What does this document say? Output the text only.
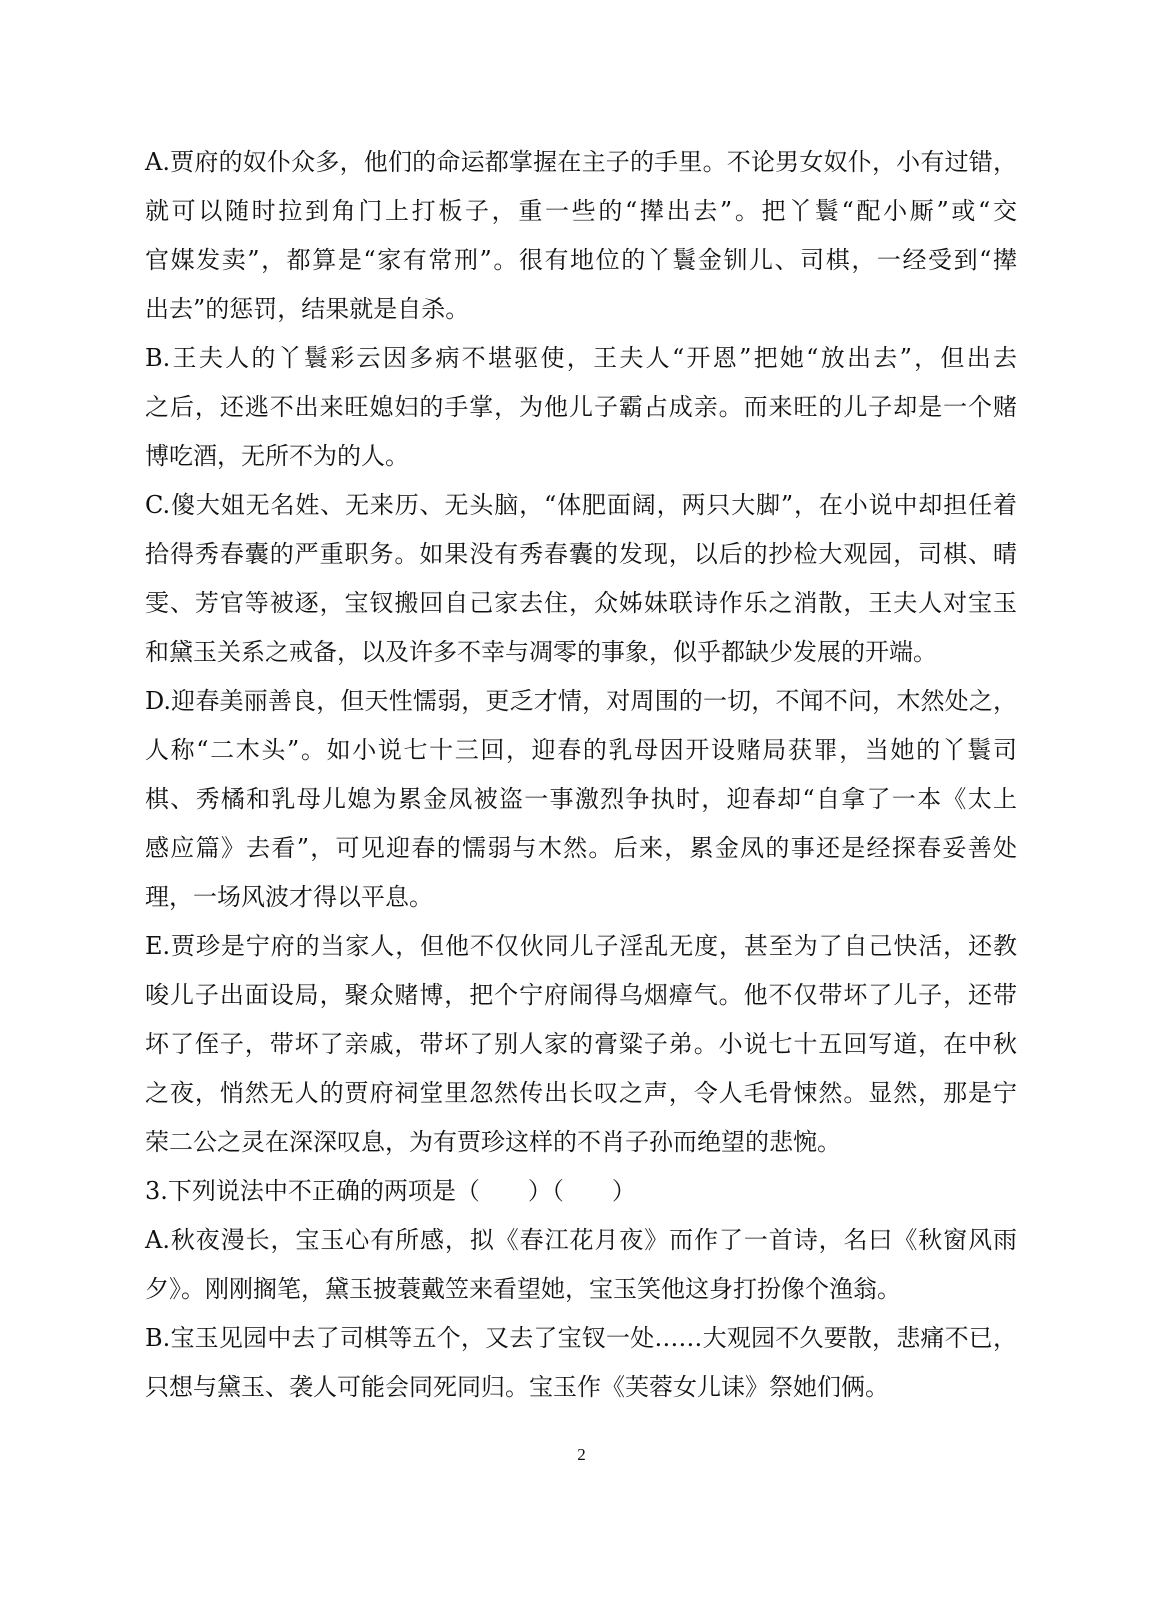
A.贾府的奴仆众多，他们的命运都掌握在主子的手里。不论男女奴仆，小有过错，
就可以随时拉到角门上打板子，重一些的“撵出去”。把丫鬟“配小厮”或“交
官媒发卖”，都算是“家有常刑”。很有地位的丫鬟金钏儿、司棋，一经受到“撵
出去”的惩罚，结果就是自杀。
B.王夫人的丫鬟彩云因多病不堪驱使，王夫人“开恩”把她“放出去”，但出去
之后，还逃不出来旺媳妇的手掌，为他儿子霸占成亲。而来旺的儿子却是一个赌
博吃酒，无所不为的人。
C.傻大姐无名姓、无来历、无头脑，“体肥面阔，两只大脚”，在小说中却担任着
拾得秀春囊的严重职务。如果没有秀春囊的发现，以后的抄检大观园，司棋、晴
雯、芳官等被逐，宝钗搬回自己家去住，众姊妹联诗作乐之消散，王夫人对宝玉
和黛玉关系之戒备，以及许多不幸与凋零的事象，似乎都缺少发展的开端。
D.迎春美丽善良，但天性懦弱，更乏才情，对周围的一切，不闻不问，木然处之，
人称“二木头”。如小说七十三回，迎春的乳母因开设赌局获罪，当她的丫鬟司
棋、秀橘和乳母儿媳为累金凤被盗一事激烈争执时，迎春却“自拿了一本《太上
感应篇》去看”，可见迎春的懦弱与木然。后来，累金凤的事还是经探春妥善处
理，一场风波才得以平息。
E.贾珍是宁府的当家人，但他不仅伙同儿子淫乱无度，甚至为了自己快活，还教
唆儿子出面设局，聚众赌博，把个宁府闹得乌烟瘴气。他不仅带坏了儿子，还带
坏了侄子，带坏了亲戚，带坏了别人家的膏粱子弟。小说七十五回写道，在中秋
之夜，悄然无人的贾府祠堂里忽然传出长叹之声，令人毛骨悚然。显然，那是宁
荣二公之灵在深深叹息，为有贾珍这样的不肖子孙而绝望的悲惋。
3.下列说法中不正确的两项是（　　）（　　）
A.秋夜漫长，宝玉心有所感，拟《春江花月夜》而作了一首诗，名曰《秋窗风雨
夕》。刚刚搁笔，黛玉披蓑戴笠来看望她，宝玉笑他这身打扮像个渔翁。
B.宝玉见园中去了司棋等五个，又去了宝钗一处……大观园不久要散，悲痛不已，
只想与黛玉、袭人可能会同死同归。宝玉作《芙蓉女儿诔》祭她们俩。
2
